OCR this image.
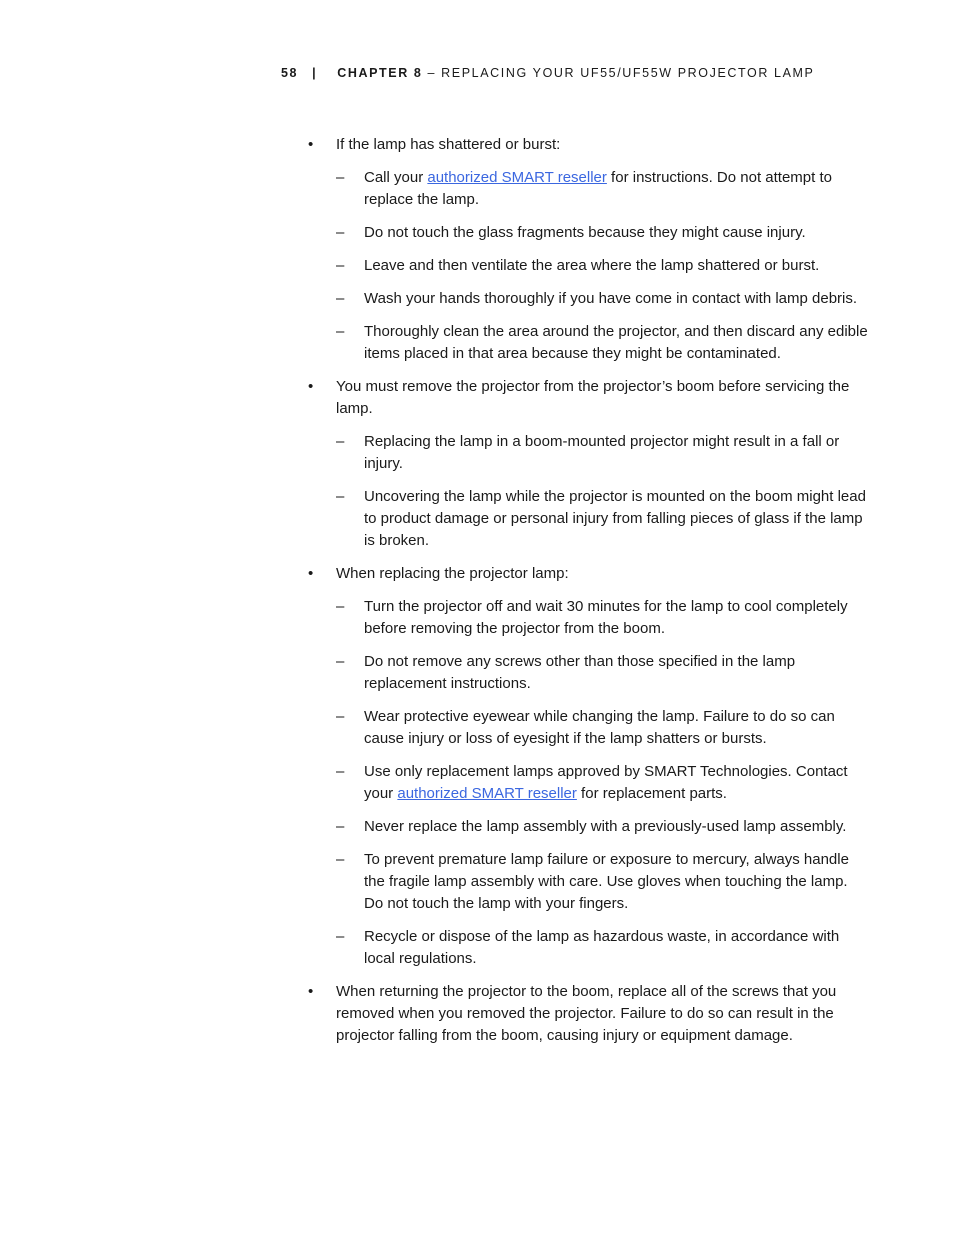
58 | CHAPTER 8 – REPLACING YOUR UF55/UF55W PROJECTOR LAMP
• If the lamp has shattered or burst:
– Call your authorized SMART reseller for instructions. Do not attempt to replace the lamp.
– Do not touch the glass fragments because they might cause injury.
– Leave and then ventilate the area where the lamp shattered or burst.
– Wash your hands thoroughly if you have come in contact with lamp debris.
– Thoroughly clean the area around the projector, and then discard any edible items placed in that area because they might be contaminated.
• You must remove the projector from the projector’s boom before servicing the lamp.
– Replacing the lamp in a boom-mounted projector might result in a fall or injury.
– Uncovering the lamp while the projector is mounted on the boom might lead to product damage or personal injury from falling pieces of glass if the lamp is broken.
• When replacing the projector lamp:
– Turn the projector off and wait 30 minutes for the lamp to cool completely before removing the projector from the boom.
– Do not remove any screws other than those specified in the lamp replacement instructions.
– Wear protective eyewear while changing the lamp. Failure to do so can cause injury or loss of eyesight if the lamp shatters or bursts.
– Use only replacement lamps approved by SMART Technologies. Contact your authorized SMART reseller for replacement parts.
– Never replace the lamp assembly with a previously-used lamp assembly.
– To prevent premature lamp failure or exposure to mercury, always handle the fragile lamp assembly with care. Use gloves when touching the lamp. Do not touch the lamp with your fingers.
– Recycle or dispose of the lamp as hazardous waste, in accordance with local regulations.
• When returning the projector to the boom, replace all of the screws that you removed when you removed the projector. Failure to do so can result in the projector falling from the boom, causing injury or equipment damage.
